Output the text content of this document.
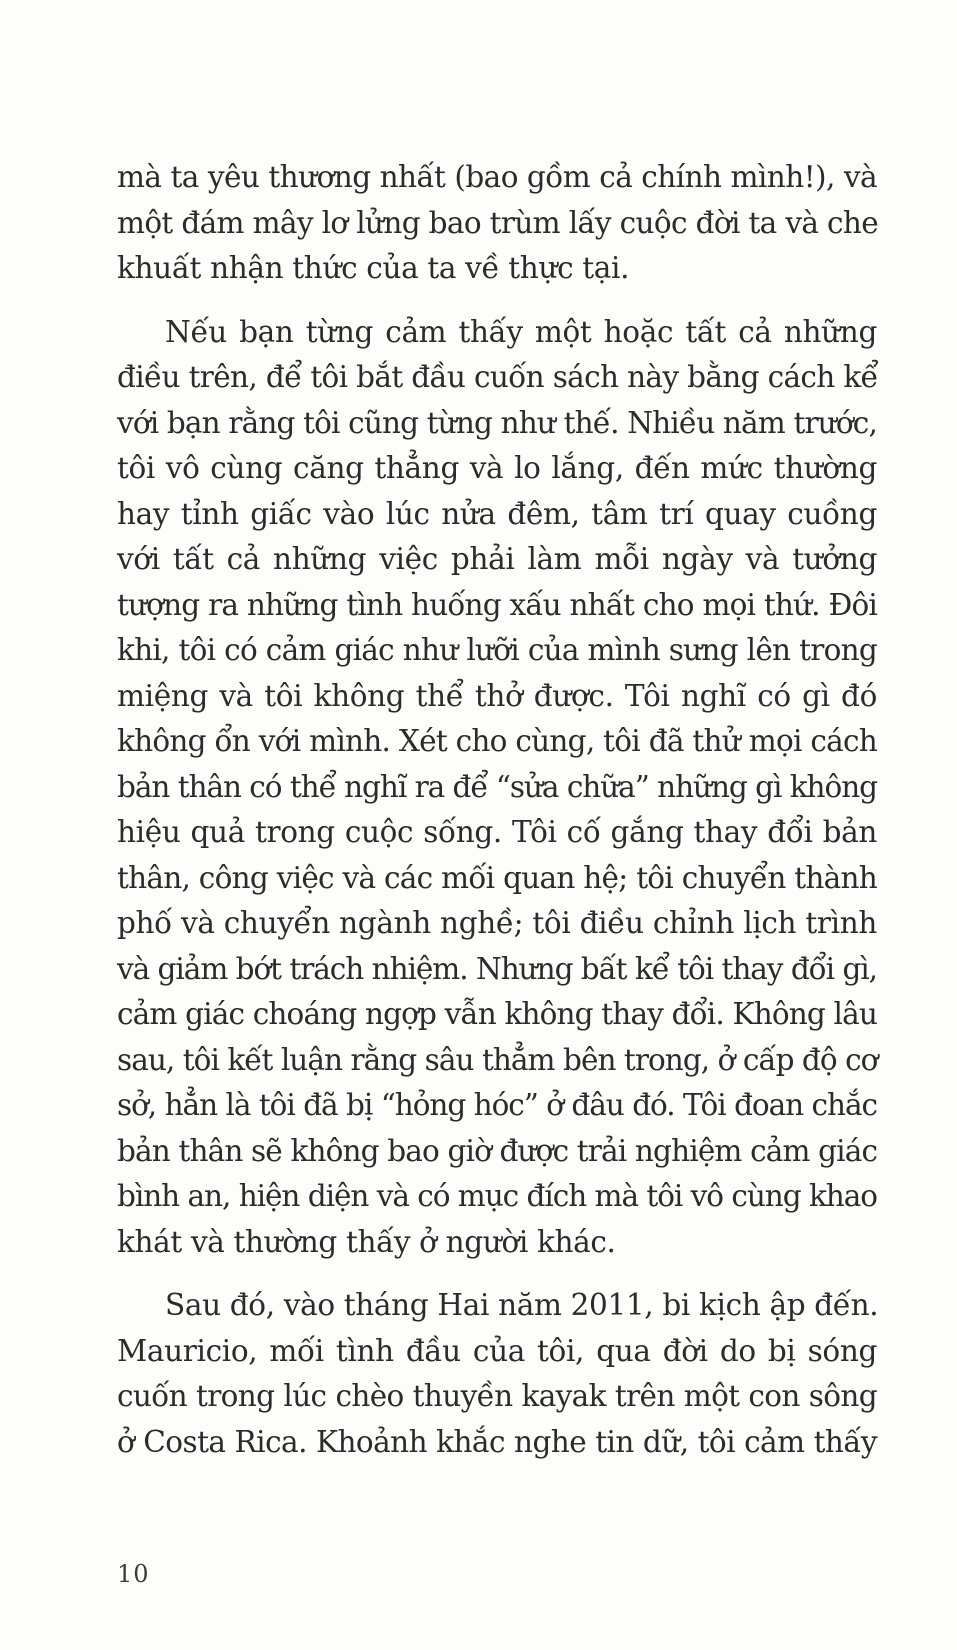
mà ta yêu thương nhất (bao gồm cả chính mình!), và
một đám mây lơ lửng bao trùm lấy cuộc đời ta và che
khuất nhận thức của ta về thực tại.
Nếu bạn từng cảm thấy một hoặc tất cả những
điều trên, để tôi bắt đầu cuốn sách này bằng cách kể
với bạn rằng tôi cũng từng như thế. Nhiều năm trước,
tôi vô cùng căng thẳng và lo lắng, đến mức thường
hay tỉnh giấc vào lúc nửa đêm, tâm trí quay cuồng
với tất cả những việc phải làm mỗi ngày và tưởng
tượng ra những tình huống xấu nhất cho mọi thứ. Đôi
khi, tôi có cảm giác như lưỡi của mình sưng lên trong
miệng và tôi không thể thở được. Tôi nghĩ có gì đó
không ổn với mình. Xét cho cùng, tôi đã thử mọi cách
bản thân có thể nghĩ ra để “sửa chữa” những gì không
hiệu quả trong cuộc sống. Tôi cố gắng thay đổi bản
thân, công việc và các mối quan hệ; tôi chuyển thành
phố và chuyển ngành nghề; tôi điều chỉnh lịch trình
và giảm bớt trách nhiệm. Nhưng bất kể tôi thay đổi gì,
cảm giác choáng ngợp vẫn không thay đổi. Không lâu
sau, tôi kết luận rằng sâu thẳm bên trong, ở cấp độ cơ
sở, hẳn là tôi đã bị “hỏng hóc” ở đâu đó. Tôi đoan chắc
bản thân sẽ không bao giờ được trải nghiệm cảm giác
bình an, hiện diện và có mục đích mà tôi vô cùng khao
khát và thường thấy ở người khác.
Sau đó, vào tháng Hai năm 2011, bi kịch ập đến.
Mauricio, mối tình đầu của tôi, qua đời do bị sóng
cuốn trong lúc chèo thuyền kayak trên một con sông
ở Costa Rica. Khoảnh khắc nghe tin dữ, tôi cảm thấy
10
